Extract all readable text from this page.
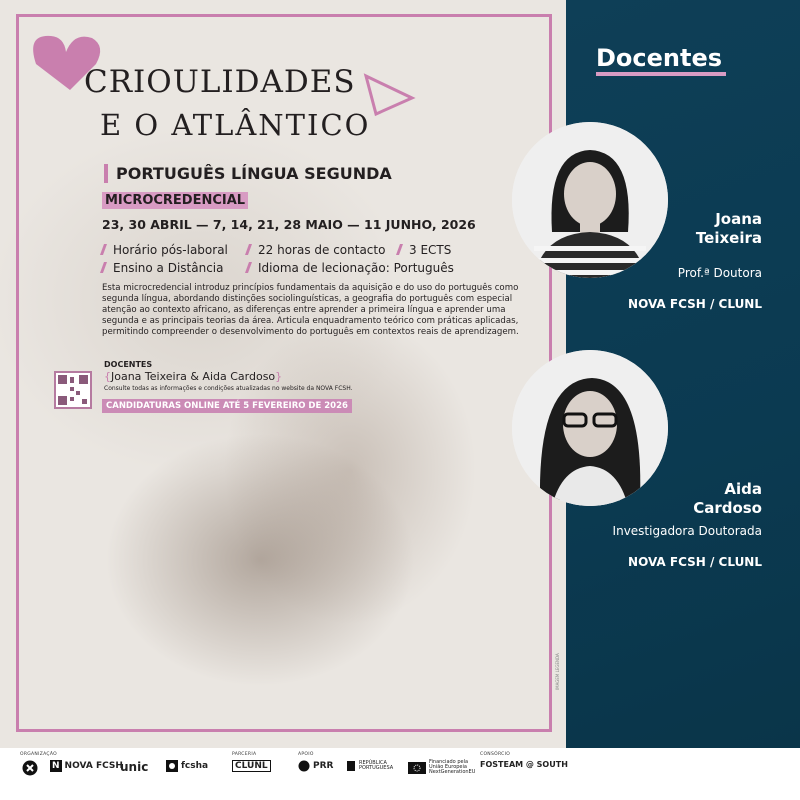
CRIOULIDADES
E O ATLÂNTICO
PORTUGUÊS LÍNGUA SEGUNDA
MICROCREDENCIAL
23, 30 ABRIL — 7, 14, 21, 28 MAIO — 11 JUNHO, 2026
Horário pós-laboral	22 horas de contacto	3 ECTS
Ensino a Distância	Idioma de lecionação: Português
Esta microcredencial introduz princípios fundamentais da aquisição e do uso do português como segunda língua, abordando distinções sociolinguísticas, a geografia do português com especial atenção ao contexto africano, as diferenças entre aprender a primeira língua e aprender uma segunda e as principais teorias da área. Articula enquadramento teórico com práticas aplicadas, permitindo compreender o desenvolvimento do português em contextos reais de aprendizagem.
DOCENTES
{Joana Teixeira & Aida Cardoso}
Consulte todas as informações e condições atualizadas no website da NOVA FCSH.
CANDIDATURAS ONLINE ATÉ 5 FEVEREIRO DE 2026
IMAGEM LEGENDA
Docentes
Joana
Teixeira
Prof.ª Doutora
NOVA FCSH / CLUNL
Aida
Cardoso
Investigadora Doutorada
NOVA FCSH / CLUNL
ORGANIZAÇÃO	PARCERIA	APOIO	CONSÓRCIO
N NOVA FCSH
unic	fcsha	CLUNL	PRR	REPÚBLICA PORTUGUESA
Financiado pela União Europeia NextGenerationEU
FOSTEAM @ SOUTH
